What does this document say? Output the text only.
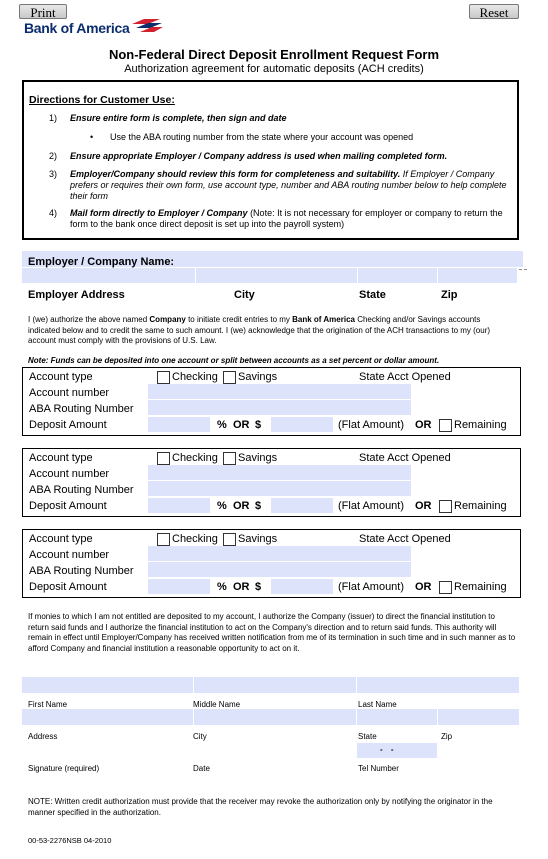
Print	Reset
Bank of America
Non-Federal Direct Deposit Enrollment Request Form
Authorization agreement for automatic deposits (ACH credits)
Directions for Customer Use:
1) Ensure entire form is complete, then sign and date
• Use the ABA routing number from the state where your account was opened
2) Ensure appropriate Employer / Company address is used when mailing completed form.
3) Employer/Company should review this form for completeness and suitability. If Employer / Company prefers or requires their own form, use account type, number and ABA routing number below to help complete their form
4) Mail form directly to Employer / Company (Note: It is not necessary for employer or company to return the form to the bank once direct deposit is set up into the payroll system)
Employer / Company Name:
Employer Address	City	State	Zip
I (we) authorize the above named Company to initiate credit entries to my Bank of America Checking and/or Savings accounts indicated below and to credit the same to such amount. I (we) acknowledge that the origination of the ACH transactions to my (our) account must comply with the provisions of U.S. Law.
Note: Funds can be deposited into one account or split between accounts as a set percent or dollar amount.
Account type	Checking Savings	State Acct Opened
Account number
ABA Routing Number
Deposit Amount	% OR $	(Flat Amount) OR Remaining
Account type	Checking Savings	State Acct Opened
Account number
ABA Routing Number
Deposit Amount	% OR $	(Flat Amount) OR Remaining
Account type	Checking Savings	State Acct Opened
Account number
ABA Routing Number
Deposit Amount	% OR $	(Flat Amount) OR Remaining
If monies to which I am not entitled are deposited to my account, I authorize the Company (issuer) to direct the financial institution to return said funds and I authorize the financial institution to act on the Company's direction and to return said funds. This authority will remain in effect until Employer/Company has received written notification from me of its termination in such time and in such manner as to afford Company and financial institution a reasonable opportunity to act on it.
First Name	Middle Name	Last Name
Address	City	State	Zip
- -
Signature (required)	Date	Tel Number
NOTE: Written credit authorization must provide that the receiver may revoke the authorization only by notifying the originator in the manner specified in the authorization.
00-53-2276NSB 04-2010
